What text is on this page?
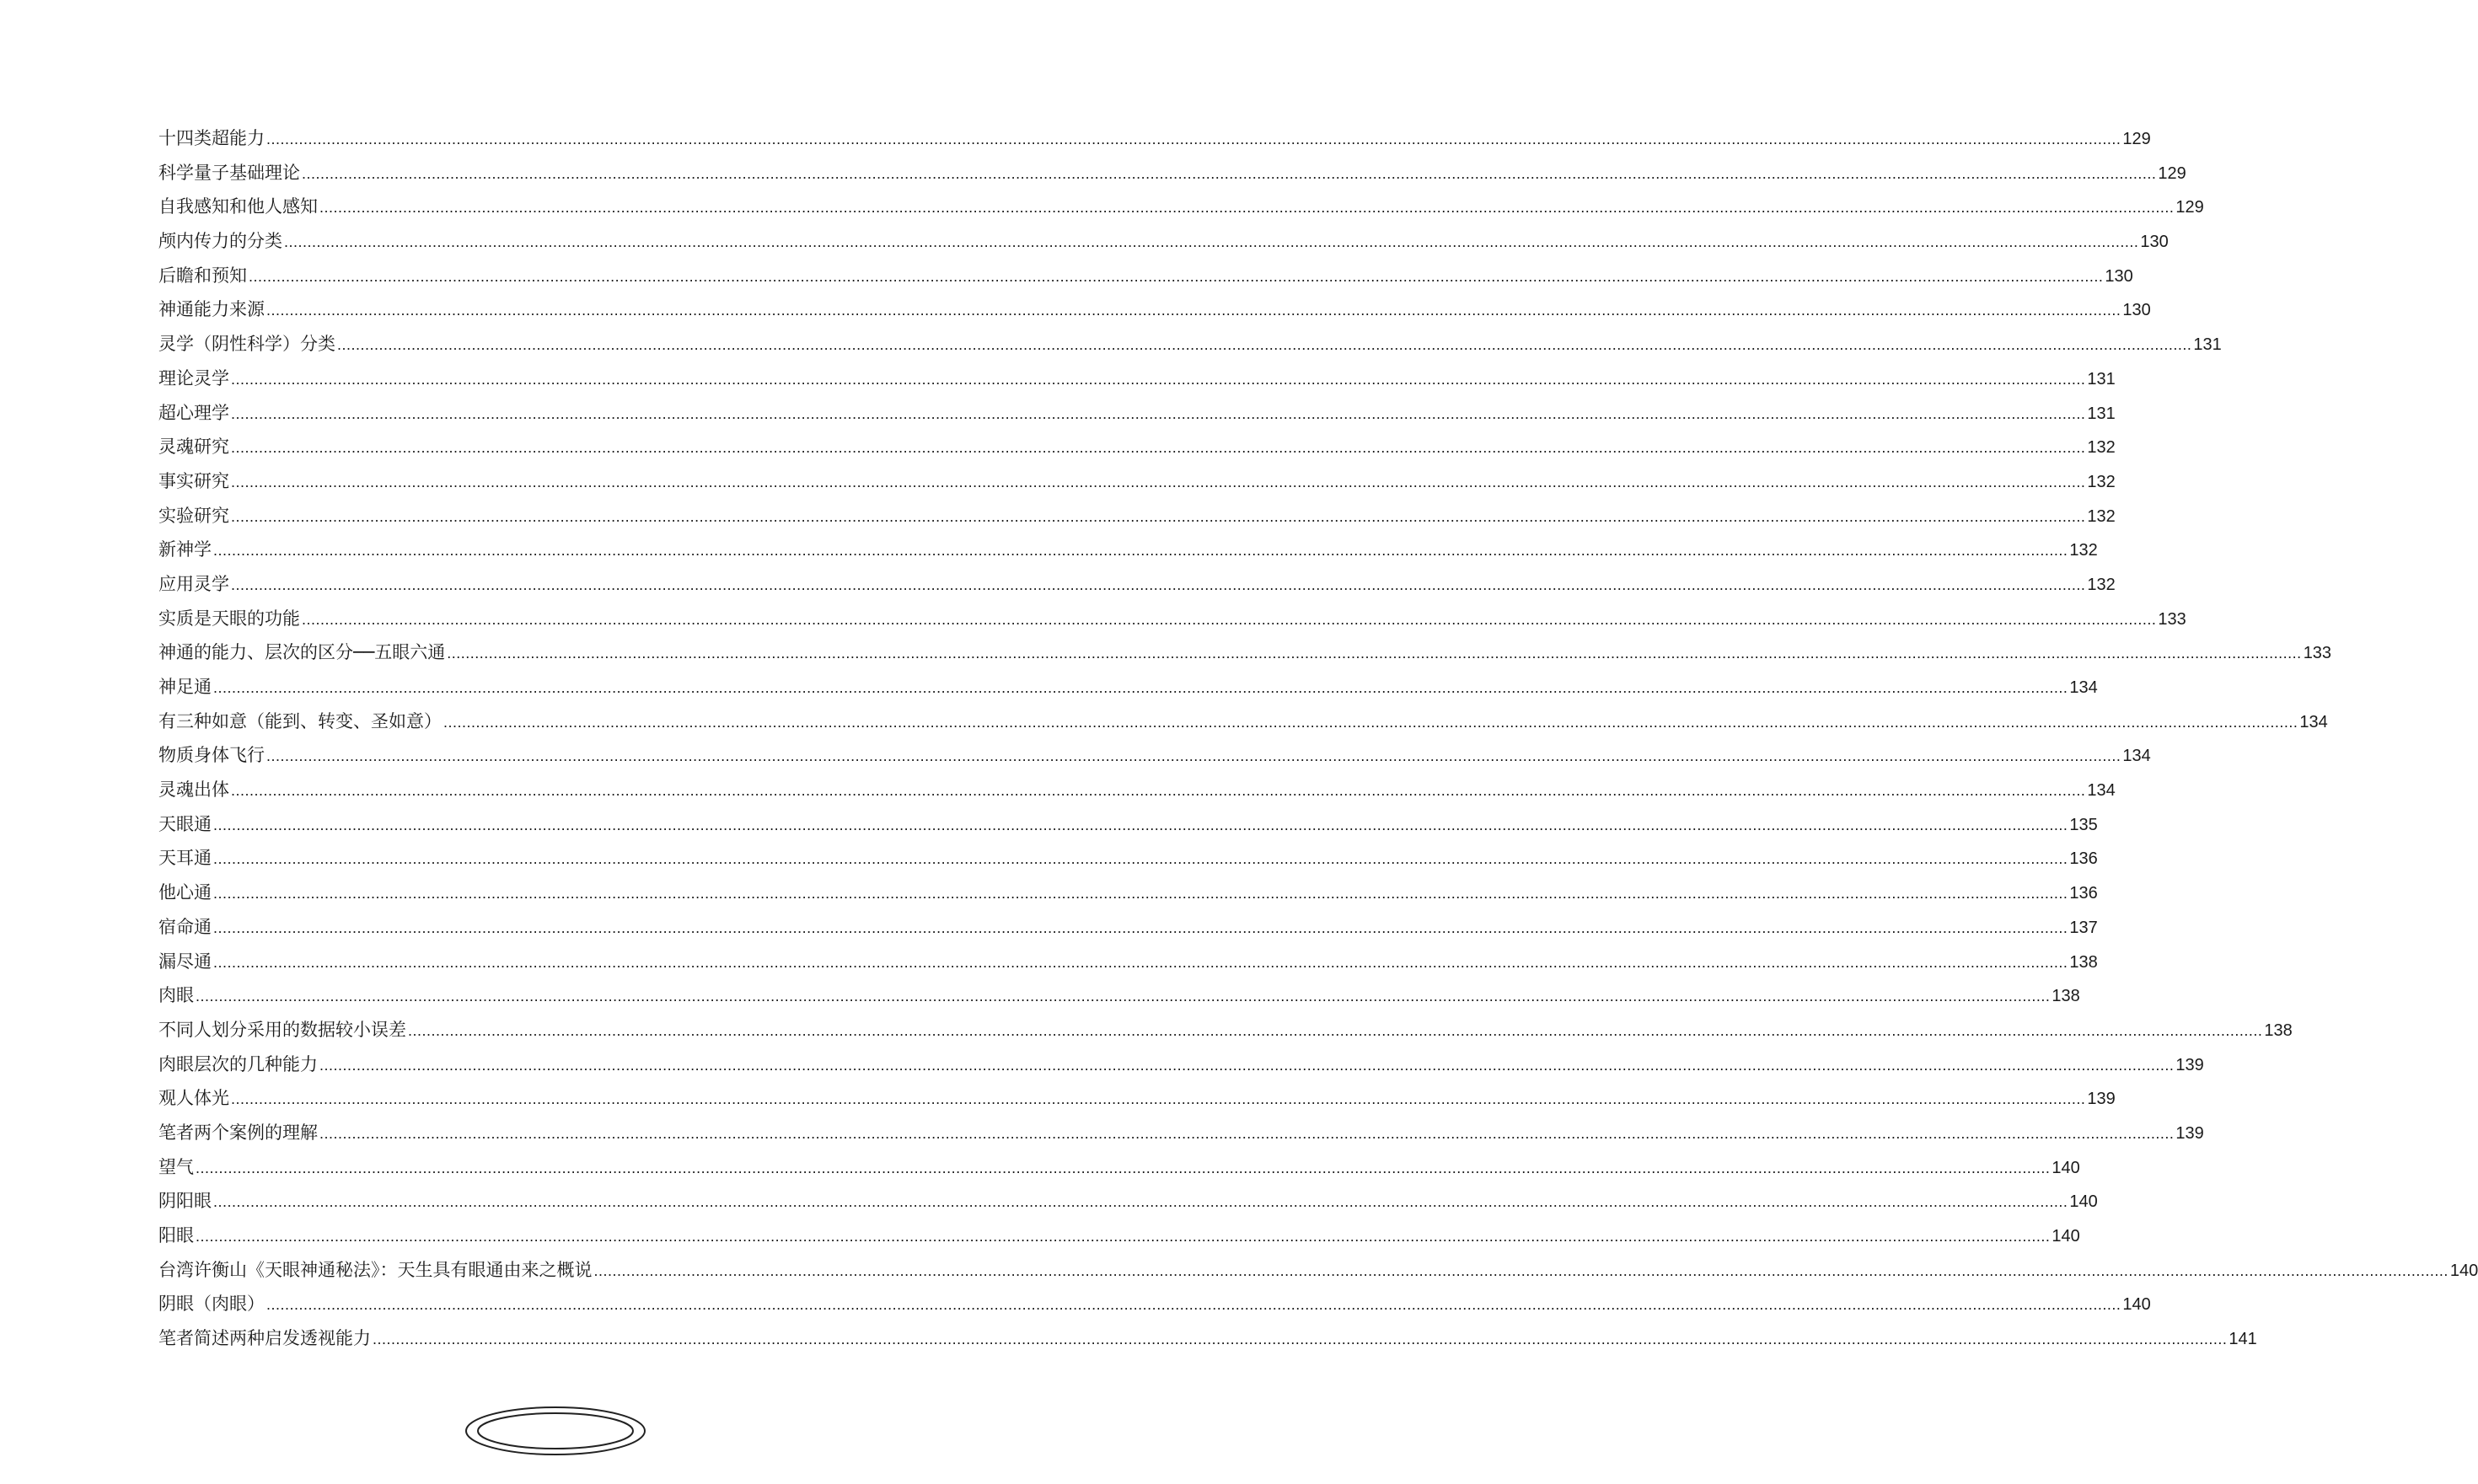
十四类超能力 ................................................................................................................................................................................................................................................................................................................................................................................................................ 129
科学量子基础理论 ................................................................................................................................................................................................................................................................................................................................................................................................................ 129
自我感知和他人感知 ................................................................................................................................................................................................................................................................................................................................................................................................................ 129
颅内传力的分类 ................................................................................................................................................................................................................................................................................................................................................................................................................ 130
后瞻和预知 ................................................................................................................................................................................................................................................................................................................................................................................................................ 130
神通能力来源 ................................................................................................................................................................................................................................................................................................................................................................................................................ 130
灵学（阴性科学）分类 ................................................................................................................................................................................................................................................................................................................................................................................................................ 131
理论灵学 ................................................................................................................................................................................................................................................................................................................................................................................................................ 131
超心理学 ................................................................................................................................................................................................................................................................................................................................................................................................................ 131
灵魂研究 ................................................................................................................................................................................................................................................................................................................................................................................................................ 132
事实研究 ................................................................................................................................................................................................................................................................................................................................................................................................................ 132
实验研究 ................................................................................................................................................................................................................................................................................................................................................................................................................ 132
新神学 ................................................................................................................................................................................................................................................................................................................................................................................................................ 132
应用灵学 ................................................................................................................................................................................................................................................................................................................................................................................................................ 132
实质是天眼的功能 ................................................................................................................................................................................................................................................................................................................................................................................................................ 133
神通的能力、层次的区分──五眼六通 ................................................................................................................................................................................................................................................................................................................................................................................................................ 133
神足通 ................................................................................................................................................................................................................................................................................................................................................................................................................ 134
有三种如意（能到、转变、圣如意） ................................................................................................................................................................................................................................................................................................................................................................................................................ 134
物质身体飞行 ................................................................................................................................................................................................................................................................................................................................................................................................................ 134
灵魂出体 ................................................................................................................................................................................................................................................................................................................................................................................................................ 134
天眼通 ................................................................................................................................................................................................................................................................................................................................................................................................................ 135
天耳通 ................................................................................................................................................................................................................................................................................................................................................................................................................ 136
他心通 ................................................................................................................................................................................................................................................................................................................................................................................................................ 136
宿命通 ................................................................................................................................................................................................................................................................................................................................................................................................................ 137
漏尽通 ................................................................................................................................................................................................................................................................................................................................................................................................................ 138
肉眼 ................................................................................................................................................................................................................................................................................................................................................................................................................ 138
不同人划分采用的数据较小误差 ................................................................................................................................................................................................................................................................................................................................................................................................................ 138
肉眼层次的几种能力 ................................................................................................................................................................................................................................................................................................................................................................................................................ 139
观人体光 ................................................................................................................................................................................................................................................................................................................................................................................................................ 139
笔者两个案例的理解 ................................................................................................................................................................................................................................................................................................................................................................................................................ 139
望气 ................................................................................................................................................................................................................................................................................................................................................................................................................ 140
阴阳眼 ................................................................................................................................................................................................................................................................................................................................................................................................................ 140
阳眼 ................................................................................................................................................................................................................................................................................................................................................................................................................ 140
台湾许衡山《天眼神通秘法》：天生具有眼通由来之概说 ................................................................................................................................................................................................................................................................................................................................................................................................................ 140
阴眼（肉眼） ................................................................................................................................................................................................................................................................................................................................................................................................................ 140
笔者简述两种启发透视能力 ................................................................................................................................................................................................................................................................................................................................................................................................................ 141
